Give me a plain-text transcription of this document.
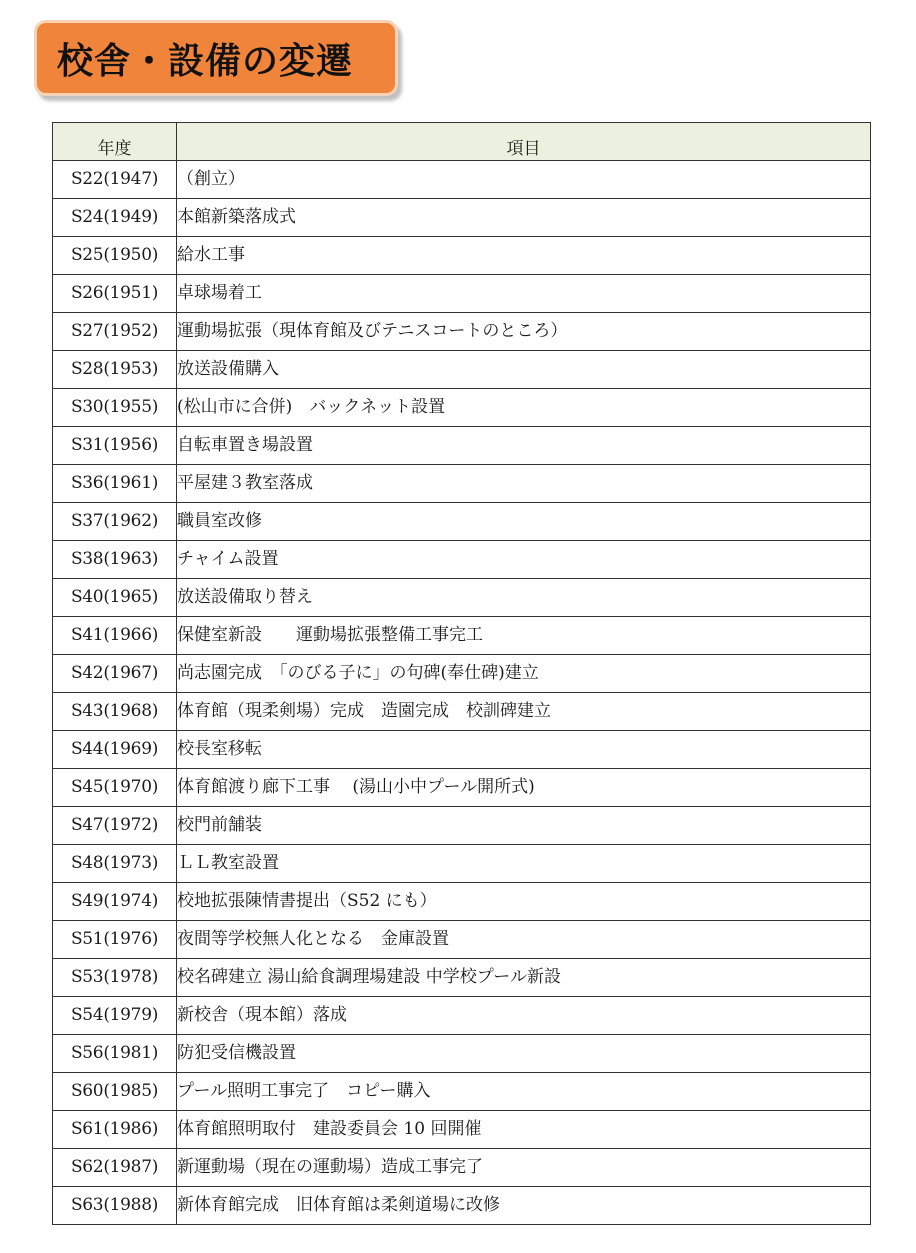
校舎・設備の変遷
年度	項目
S22(1947)	（創立）
S24(1949)	本館新築落成式
S25(1950)	給水工事
S26(1951)	卓球場着工
S27(1952)	運動場拡張（現体育館及びテニスコートのところ）
S28(1953)	放送設備購入
S30(1955)	(松山市に合併)　バックネット設置
S31(1956)	自転車置き場設置
S36(1961)	平屋建３教室落成
S37(1962)	職員室改修
S38(1963)	チャイム設置
S40(1965)	放送設備取り替え
S41(1966)	保健室新設　　運動場拡張整備工事完工
S42(1967)	尚志園完成　「のびる子に」の句碑(奉仕碑)建立
S43(1968)	体育館（現柔剣場）完成　造園完成　校訓碑建立
S44(1969)	校長室移転
S45(1970)	体育館渡り廊下工事　 (湯山小中プール開所式)
S47(1972)	校門前舗装
S48(1973)	ＬＬ教室設置
S49(1974)	校地拡張陳情書提出（S52 にも）
S51(1976)	夜間等学校無人化となる　金庫設置
S53(1978)	校名碑建立 湯山給食調理場建設 中学校プール新設
S54(1979)	新校舎（現本館）落成
S56(1981)	防犯受信機設置
S60(1985)	プール照明工事完了　コピー購入
S61(1986)	体育館照明取付　建設委員会 10 回開催
S62(1987)	新運動場（現在の運動場）造成工事完了
S63(1988)	新体育館完成　旧体育館は柔剣道場に改修
